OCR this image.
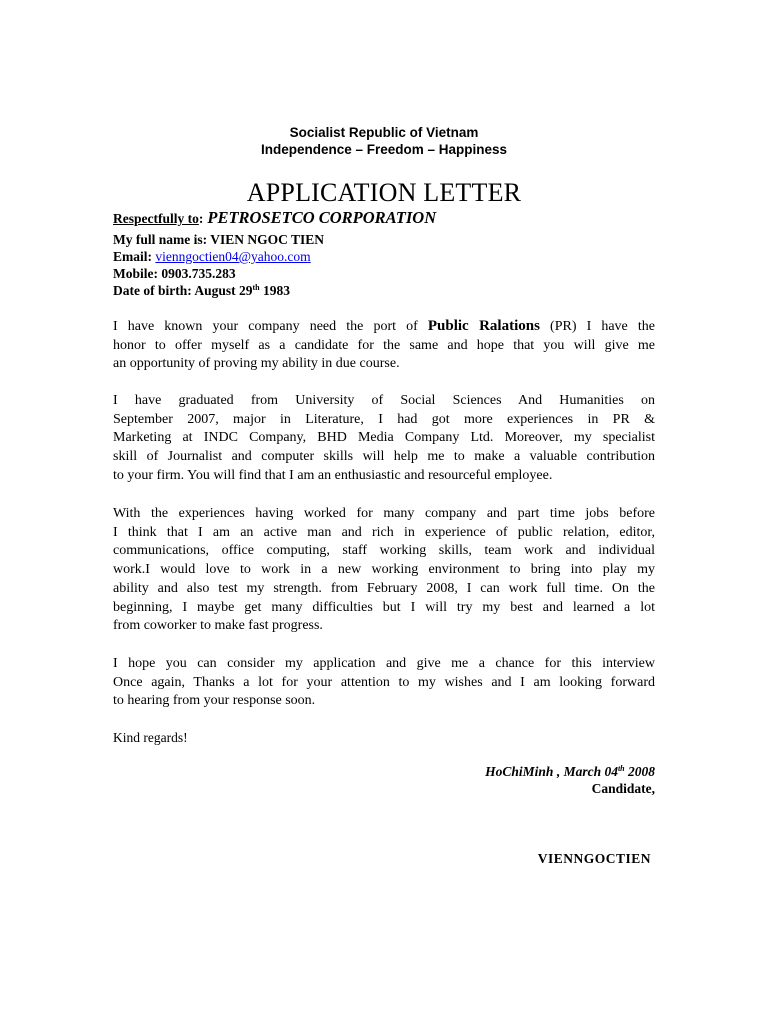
Socialist Republic of Vietnam
Independence – Freedom – Happiness
APPLICATION LETTER
Respectfully to: PETROSETCO CORPORATION
My full name is: VIEN NGOC TIEN
Email: vienngoctien04@yahoo.com
Mobile: 0903.735.283
Date of birth: August 29th 1983
I have known your company need the port of Public Ralations (PR) I have the
honor to offer myself as a candidate for the same and hope that you will give me
an opportunity of proving my ability in due course.
I have graduated from University of Social Sciences And Humanities on
September 2007, major in Literature, I had got more experiences in PR &
Marketing at INDC Company, BHD Media Company Ltd. Moreover, my specialist
skill of Journalist and computer skills will help me to make a valuable contribution
to your firm. You will find that I am an enthusiastic and resourceful employee.
With the experiences having worked for many company and part time jobs before
I think that I am an active man and rich in experience of public relation, editor,
communications, office computing, staff working skills, team work and individual
work.I would love to work in a new working environment to bring into play my
ability and also test my strength. from February 2008, I can work full time. On the
beginning, I maybe get many difficulties but I will try my best and learned a lot
from coworker to make fast progress.
I hope you can consider my application and give me a chance for this interview
Once again, Thanks a lot for your attention to my wishes and I am looking forward
to hearing from your response soon.
Kind regards!
HoChiMinh , March 04th 2008
Candidate,
VIENNGOCTIEN
